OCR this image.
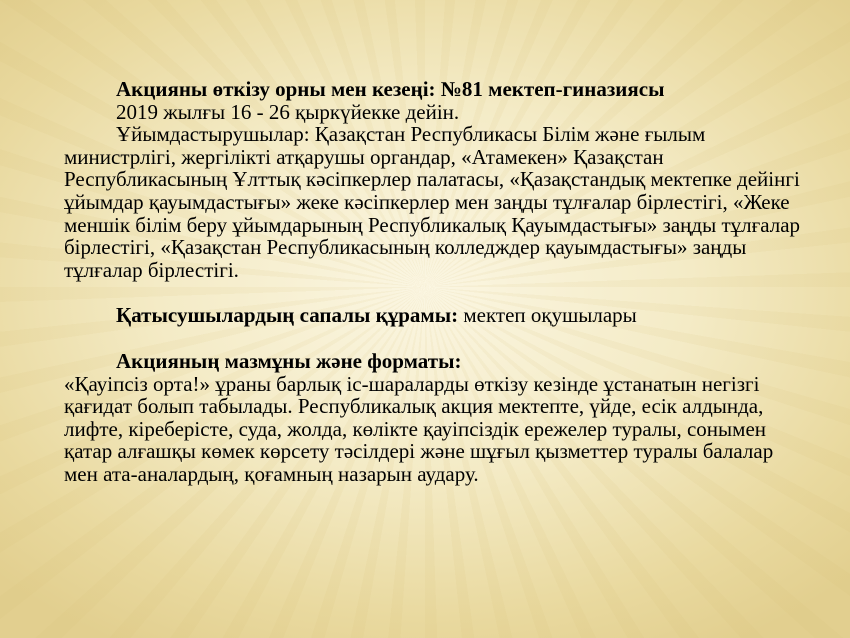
Акцияны өткізу орны мен кезеңі: №81 мектеп-гиназиясы

2019 жылғы 16 - 26 қыркүйекке дейін.

Ұйымдастырушылар: Қазақстан Республикасы Білім және ғылым министрлігі, жергілікті атқарушы органдар, «Атамекен» Қазақстан Республикасының Ұлттық кәсіпкерлер палатасы, «Қазақстандық мектепке дейінгі ұйымдар қауымдастығы» жеке кәсіпкерлер мен заңды тұлғалар бірлестігі, «Жеке меншік білім беру ұйымдарының Республикалық Қауымдастығы» заңды тұлғалар бірлестігі, «Қазақстан Республикасының колледждер қауымдастығы» заңды тұлғалар бірлестігі.

Қатысушылардың сапалы құрамы: мектеп оқушылары

Акцияның мазмұны және форматы:

«Қауіпсіз орта!» ұраны барлық іс-шараларды өткізу кезінде ұстанатын негізгі қағидат болып табылады. Республикалық акция мектепте, үйде, есік алдында, лифте, кіреберісте, суда, жолда, көлікте қауіпсіздік ережелер туралы, сонымен қатар алғашқы көмек көрсету тәсілдері және шұғыл қызметтер туралы балалар мен ата-аналардың, қоғамның назарын аудару.
